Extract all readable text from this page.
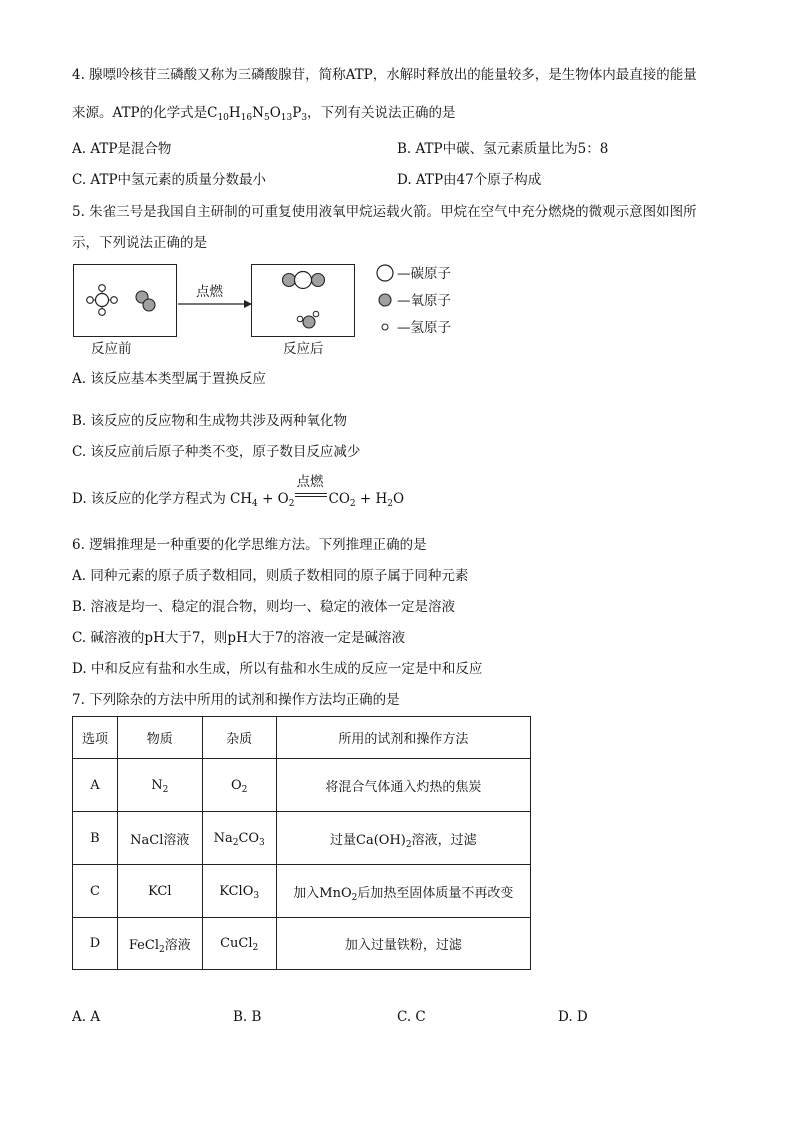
4. 腺嘌呤核苷三磷酸又称为三磷酸腺苷，简称ATP，水解时释放出的能量较多，是生物体内最直接的能量
来源。ATP的化学式是$C_{10}H_{16}N_5O_{13}P_3$，下列有关说法正确的是
A. ATP是混合物	B. ATP中碳、氢元素质量比为5：8
C. ATP中氢元素的质量分数最小	D. ATP由47个原子构成
5. 朱雀三号是我国自主研制的可重复使用液氧甲烷运载火箭。甲烷在空气中充分燃烧的微观示意图如图所
示，下列说法正确的是
点燃
反应前	反应后
—碳原子
—氧原子
—氢原子
A. 该反应基本类型属于置换反应
B. 该反应的反应物和生成物共涉及两种氧化物
C. 该反应前后原子种类不变，原子数目反应减少
D. 该反应的化学方程式为 $CH_4 + O_2$
点燃
$CO_2 + H_2O$
6. 逻辑推理是一种重要的化学思维方法。下列推理正确的是
A. 同种元素的原子质子数相同，则质子数相同的原子属于同种元素
B. 溶液是均一、稳定的混合物，则均一、稳定的液体一定是溶液
C. 碱溶液的pH大于7，则pH大于7的溶液一定是碱溶液
D. 中和反应有盐和水生成，所以有盐和水生成的反应一定是中和反应
7. 下列除杂的方法中所用的试剂和操作方法均正确的是
选项	物质	杂质	所用的试剂和操作方法
A	$N_2$	$O_2$	将混合气体通入灼热的焦炭
B	NaCl溶液	$Na_2CO_3$	过量$Ca(OH)_2$溶液，过滤
C	KCl	KClO$_3$	加入MnO$_2$后加热至固体质量不再改变
D	FeCl$_2$溶液	CuCl$_2$	加入过量铁粉，过滤
A. A	B. B	C. C	D. D
